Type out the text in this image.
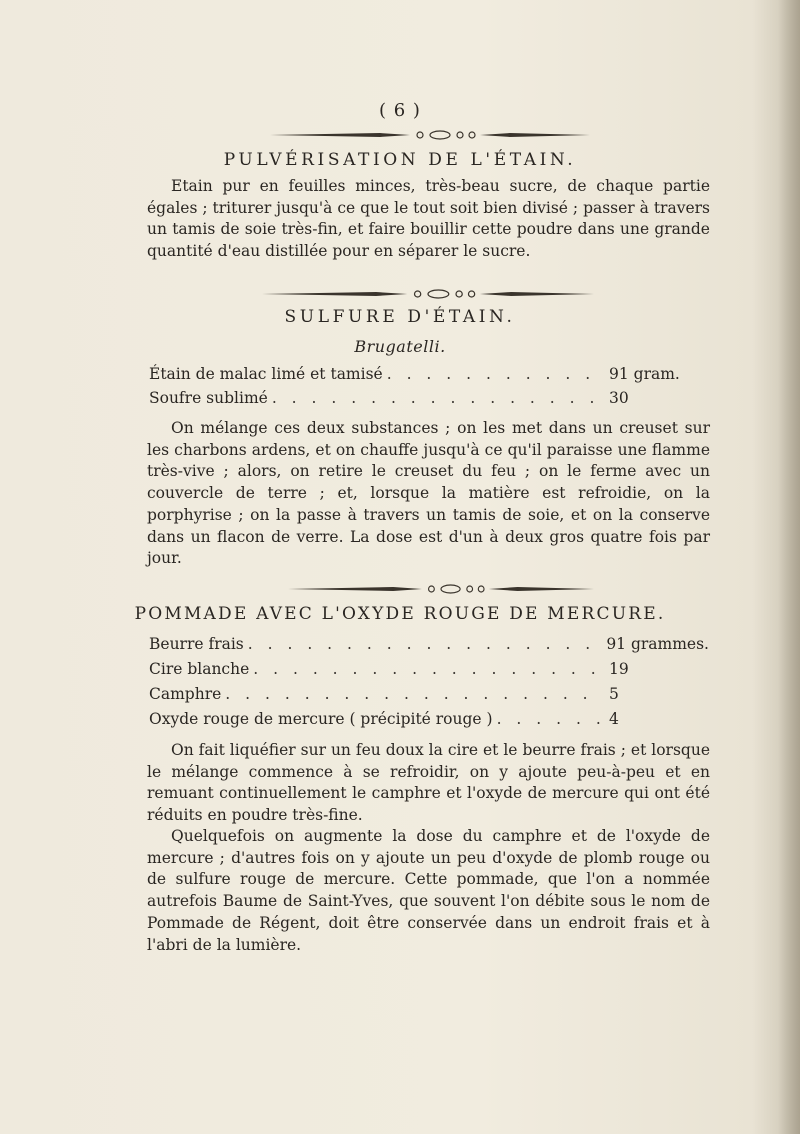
( 6 )
PULVÉRISATION DE L'ÉTAIN.

Etain pur en feuilles minces, très-beau sucre, de chaque partie égales ; triturer jusqu'à ce que le tout soit bien divisé ; passer à travers un tamis de soie très-fin, et faire bouillir cette poudre dans une grande quantité d'eau distillée pour en séparer le sucre.

SULFURE D'ÉTAIN.
Brugatelli.
Étain de malac limé et tamisé . . .	91 gram.
Soufre sublimé . . .	30

On mélange ces deux substances ; on les met dans un creuset sur les charbons ardens, et on chauffe jusqu'à ce qu'il paraisse une flamme très-vive ; alors, on retire le creuset du feu ; on le ferme avec un couvercle de terre ; et, lorsque la matière est refroidie, on la porphyrise ; on la passe à travers un tamis de soie, et on la conserve dans un flacon de verre. La dose est d'un à deux gros quatre fois par jour.

POMMADE AVEC L'OXYDE ROUGE DE MERCURE.
Beurre frais . . .	91 grammes.
Cire blanche . . .	19
Camphre . . .	5
Oxyde rouge de mercure ( précipité rouge ) . . .	4

On fait liquéfier sur un feu doux la cire et le beurre frais ; et lorsque le mélange commence à se refroidir, on y ajoute peu-à-peu et en remuant continuellement le camphre et l'oxyde de mercure qui ont été réduits en poudre très-fine.

Quelquefois on augmente la dose du camphre et de l'oxyde de mercure ; d'autres fois on y ajoute un peu d'oxyde de plomb rouge ou de sulfure rouge de mercure. Cette pommade, que l'on a nommée autrefois Baume de Saint-Yves, que souvent l'on débite sous le nom de Pommade de Régent, doit être conservée dans un endroit frais et à l'abri de la lumière.
